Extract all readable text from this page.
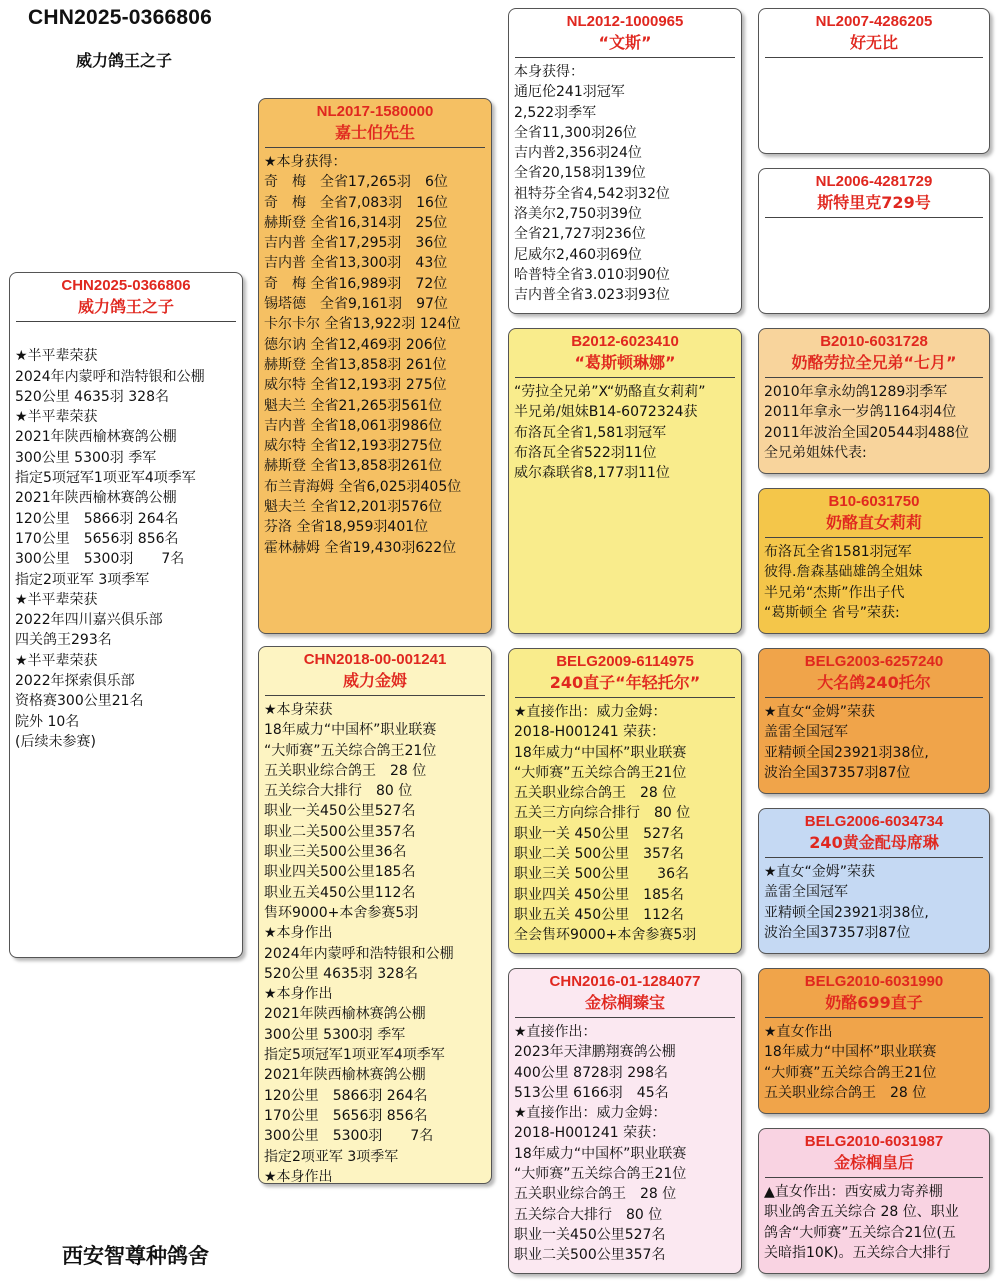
CHN2025-0366806
威力鸽王之子
西安智尊种鸽舍
CHN2025-0366806
威力鸽王之子

★半平辈荣获
2024年内蒙呼和浩特银和公棚
520公里 4635羽 328名
★半平辈荣获
2021年陕西榆林赛鸽公棚
300公里 5300羽 季军
指定5项冠军1项亚军4项季军
2021年陕西榆林赛鸽公棚
120公里　5866羽 264名
170公里　5656羽 856名
300公里　5300羽　　7名
指定2项亚军 3项季军
★半平辈荣获
2022年四川嘉兴俱乐部
四关鸽王293名
★半平辈荣获
2022年探索俱乐部
资格赛300公里21名
院外 10名
(后续未参赛)
NL2017-1580000
嘉士伯先生
★本身获得：
奇　梅　全省17,265羽　6位
奇　梅　全省7,083羽　16位
赫斯登 全省16,314羽　25位
吉内普 全省17,295羽　36位
吉内普 全省13,300羽　43位
奇　梅 全省16,989羽　72位
锡塔德　全省9,161羽　97位
卡尔卡尔 全省13,922羽 124位
德尔讷 全省12,469羽 206位
赫斯登 全省13,858羽 261位
威尔特 全省12,193羽 275位
魁夫兰 全省21,265羽561位
吉内普 全省18,061羽986位
威尔特 全省12,193羽275位
赫斯登 全省13,858羽261位
布兰青海姆 全省6,025羽405位
魁夫兰 全省12,201羽576位
芬洛 全省18,959羽401位
霍林赫姆 全省19,430羽622位
CHN2018-00-001241
威力金姆
★本身荣获
18年威力“中国杯”职业联赛
“大师赛”五关综合鸽王21位
五关职业综合鸽王　28 位
五关综合大排行　80 位
职业一关450公里527名
职业二关500公里357名
职业三关500公里36名
职业四关500公里185名
职业五关450公里112名
售环9000+本舍参赛5羽
★本身作出
2024年内蒙呼和浩特银和公棚
520公里 4635羽 328名
★本身作出
2021年陕西榆林赛鸽公棚
300公里 5300羽 季军
指定5项冠军1项亚军4项季军
2021年陕西榆林赛鸽公棚
120公里　5866羽 264名
170公里　5656羽 856名
300公里　5300羽　　7名
指定2项亚军 3项季军
★本身作出
NL2012-1000965
“文斯”
本身获得：
通厄伦241羽冠军
2,522羽季军
全省11,300羽26位
吉内普2,356羽24位
全省20,158羽139位
祖特芬全省4,542羽32位
洛美尔2,750羽39位
全省21,727羽236位
尼威尔2,460羽69位
哈普特全省3.010羽90位
吉内普全省3.023羽93位
B2012-6023410
“葛斯顿琳娜”
“劳拉全兄弟”X“奶酪直女莉莉”
半兄弟/姐妹B14-6072324获
布洛瓦全省1,581羽冠军
布洛瓦全省522羽11位
威尔森联省8,177羽11位
BELG2009-6114975
240直子“年轻托尔”
★直接作出：威力金姆：
2018-H001241 荣获：
18年威力“中国杯”职业联赛
“大师赛”五关综合鸽王21位
五关职业综合鸽王　28 位
五关三方向综合排行　80 位
职业一关 450公里　527名
职业二关 500公里　357名
职业三关 500公里　　36名
职业四关 450公里　185名
职业五关 450公里　112名
全会售环9000+本舍参赛5羽
CHN2016-01-1284077
金棕榈臻宝
★直接作出：
2023年天津鹏翔赛鸽公棚
400公里 8728羽 298名
513公里 6166羽　45名
★直接作出：威力金姆：
2018-H001241 荣获：
18年威力“中国杯”职业联赛
“大师赛”五关综合鸽王21位
五关职业综合鸽王　28 位
五关综合大排行　80 位
职业一关450公里527名
职业二关500公里357名
NL2007-4286205
好无比
NL2006-4281729
斯特里克729号
B2010-6031728
奶酪劳拉全兄弟“七月”
2010年拿永幼鸽1289羽季军
2011年拿永一岁鸽1164羽4位
2011年波治全国20544羽488位
全兄弟姐妹代表:
B10-6031750
奶酪直女莉莉
布洛瓦全省1581羽冠军
彼得.詹森基础雄鸽全姐妹
半兄弟“杰斯”作出子代
“葛斯顿全 省号”荣获:
BELG2003-6257240
大名鸽240托尔
★直女“金姆”荣获
盖雷全国冠军
亚精顿全国23921羽38位,
波治全国37357羽87位
BELG2006-6034734
240黄金配母席琳
★直女“金姆”荣获
盖雷全国冠军
亚精顿全国23921羽38位,
波治全国37357羽87位
BELG2010-6031990
奶酪699直子
★直女作出
18年威力“中国杯”职业联赛
“大师赛”五关综合鸽王21位
五关职业综合鸽王　28 位
BELG2010-6031987
金棕榈皇后
▲直女作出：西安威力寄养棚
职业鸽舍五关综合 28 位、职业
鸽舍“大师赛”五关综合21位(五
关暗指10K)。五关综合大排行
